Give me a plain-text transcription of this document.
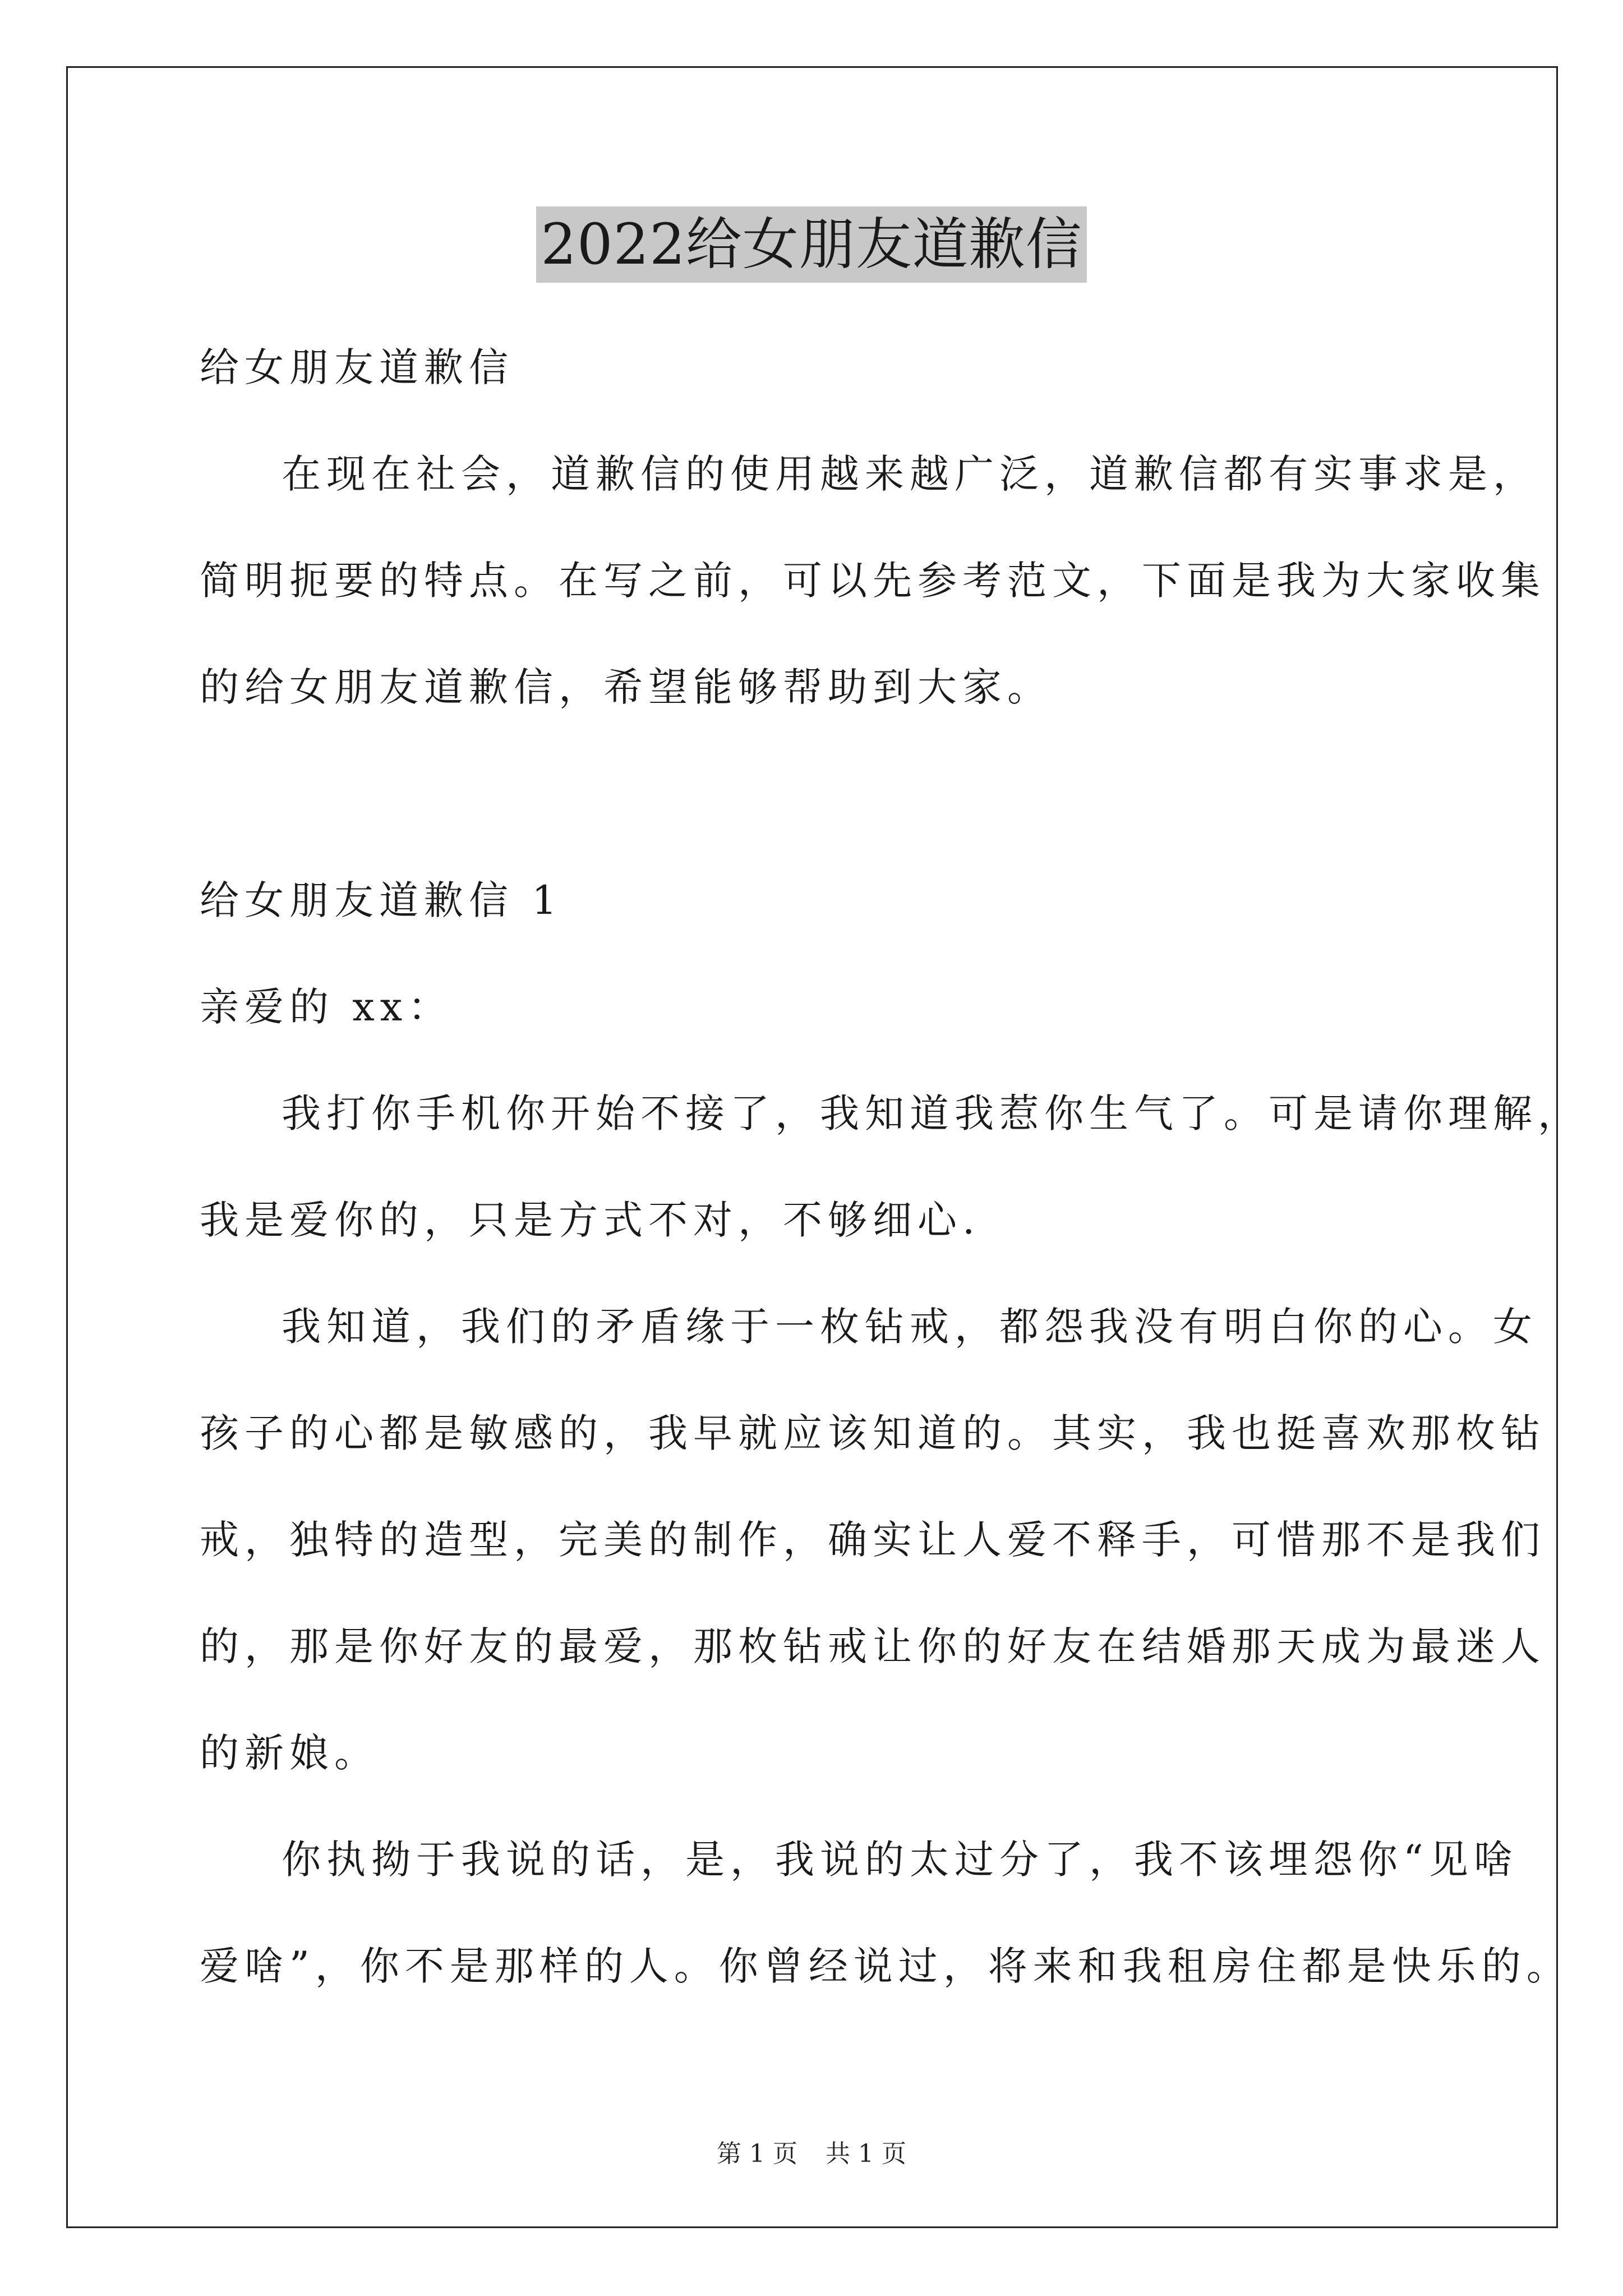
2022给女朋友道歉信
给女朋友道歉信
在现在社会，道歉信的使用越来越广泛，道歉信都有实事求是，
简明扼要的特点。在写之前，可以先参考范文，下面是我为大家收集
的给女朋友道歉信，希望能够帮助到大家。
给女朋友道歉信 1
亲爱的 xx：
我打你手机你开始不接了，我知道我惹你生气了。可是请你理解，
我是爱你的，只是方式不对，不够细心.
我知道，我们的矛盾缘于一枚钻戒，都怨我没有明白你的心。女
孩子的心都是敏感的，我早就应该知道的。其实，我也挺喜欢那枚钻
戒，独特的造型，完美的制作，确实让人爱不释手，可惜那不是我们
的，那是你好友的最爱，那枚钻戒让你的好友在结婚那天成为最迷人
的新娘。
你执拗于我说的话，是，我说的太过分了，我不该埋怨你“见啥
爱啥”，你不是那样的人。你曾经说过，将来和我租房住都是快乐的。
第 1 页 共 1 页
